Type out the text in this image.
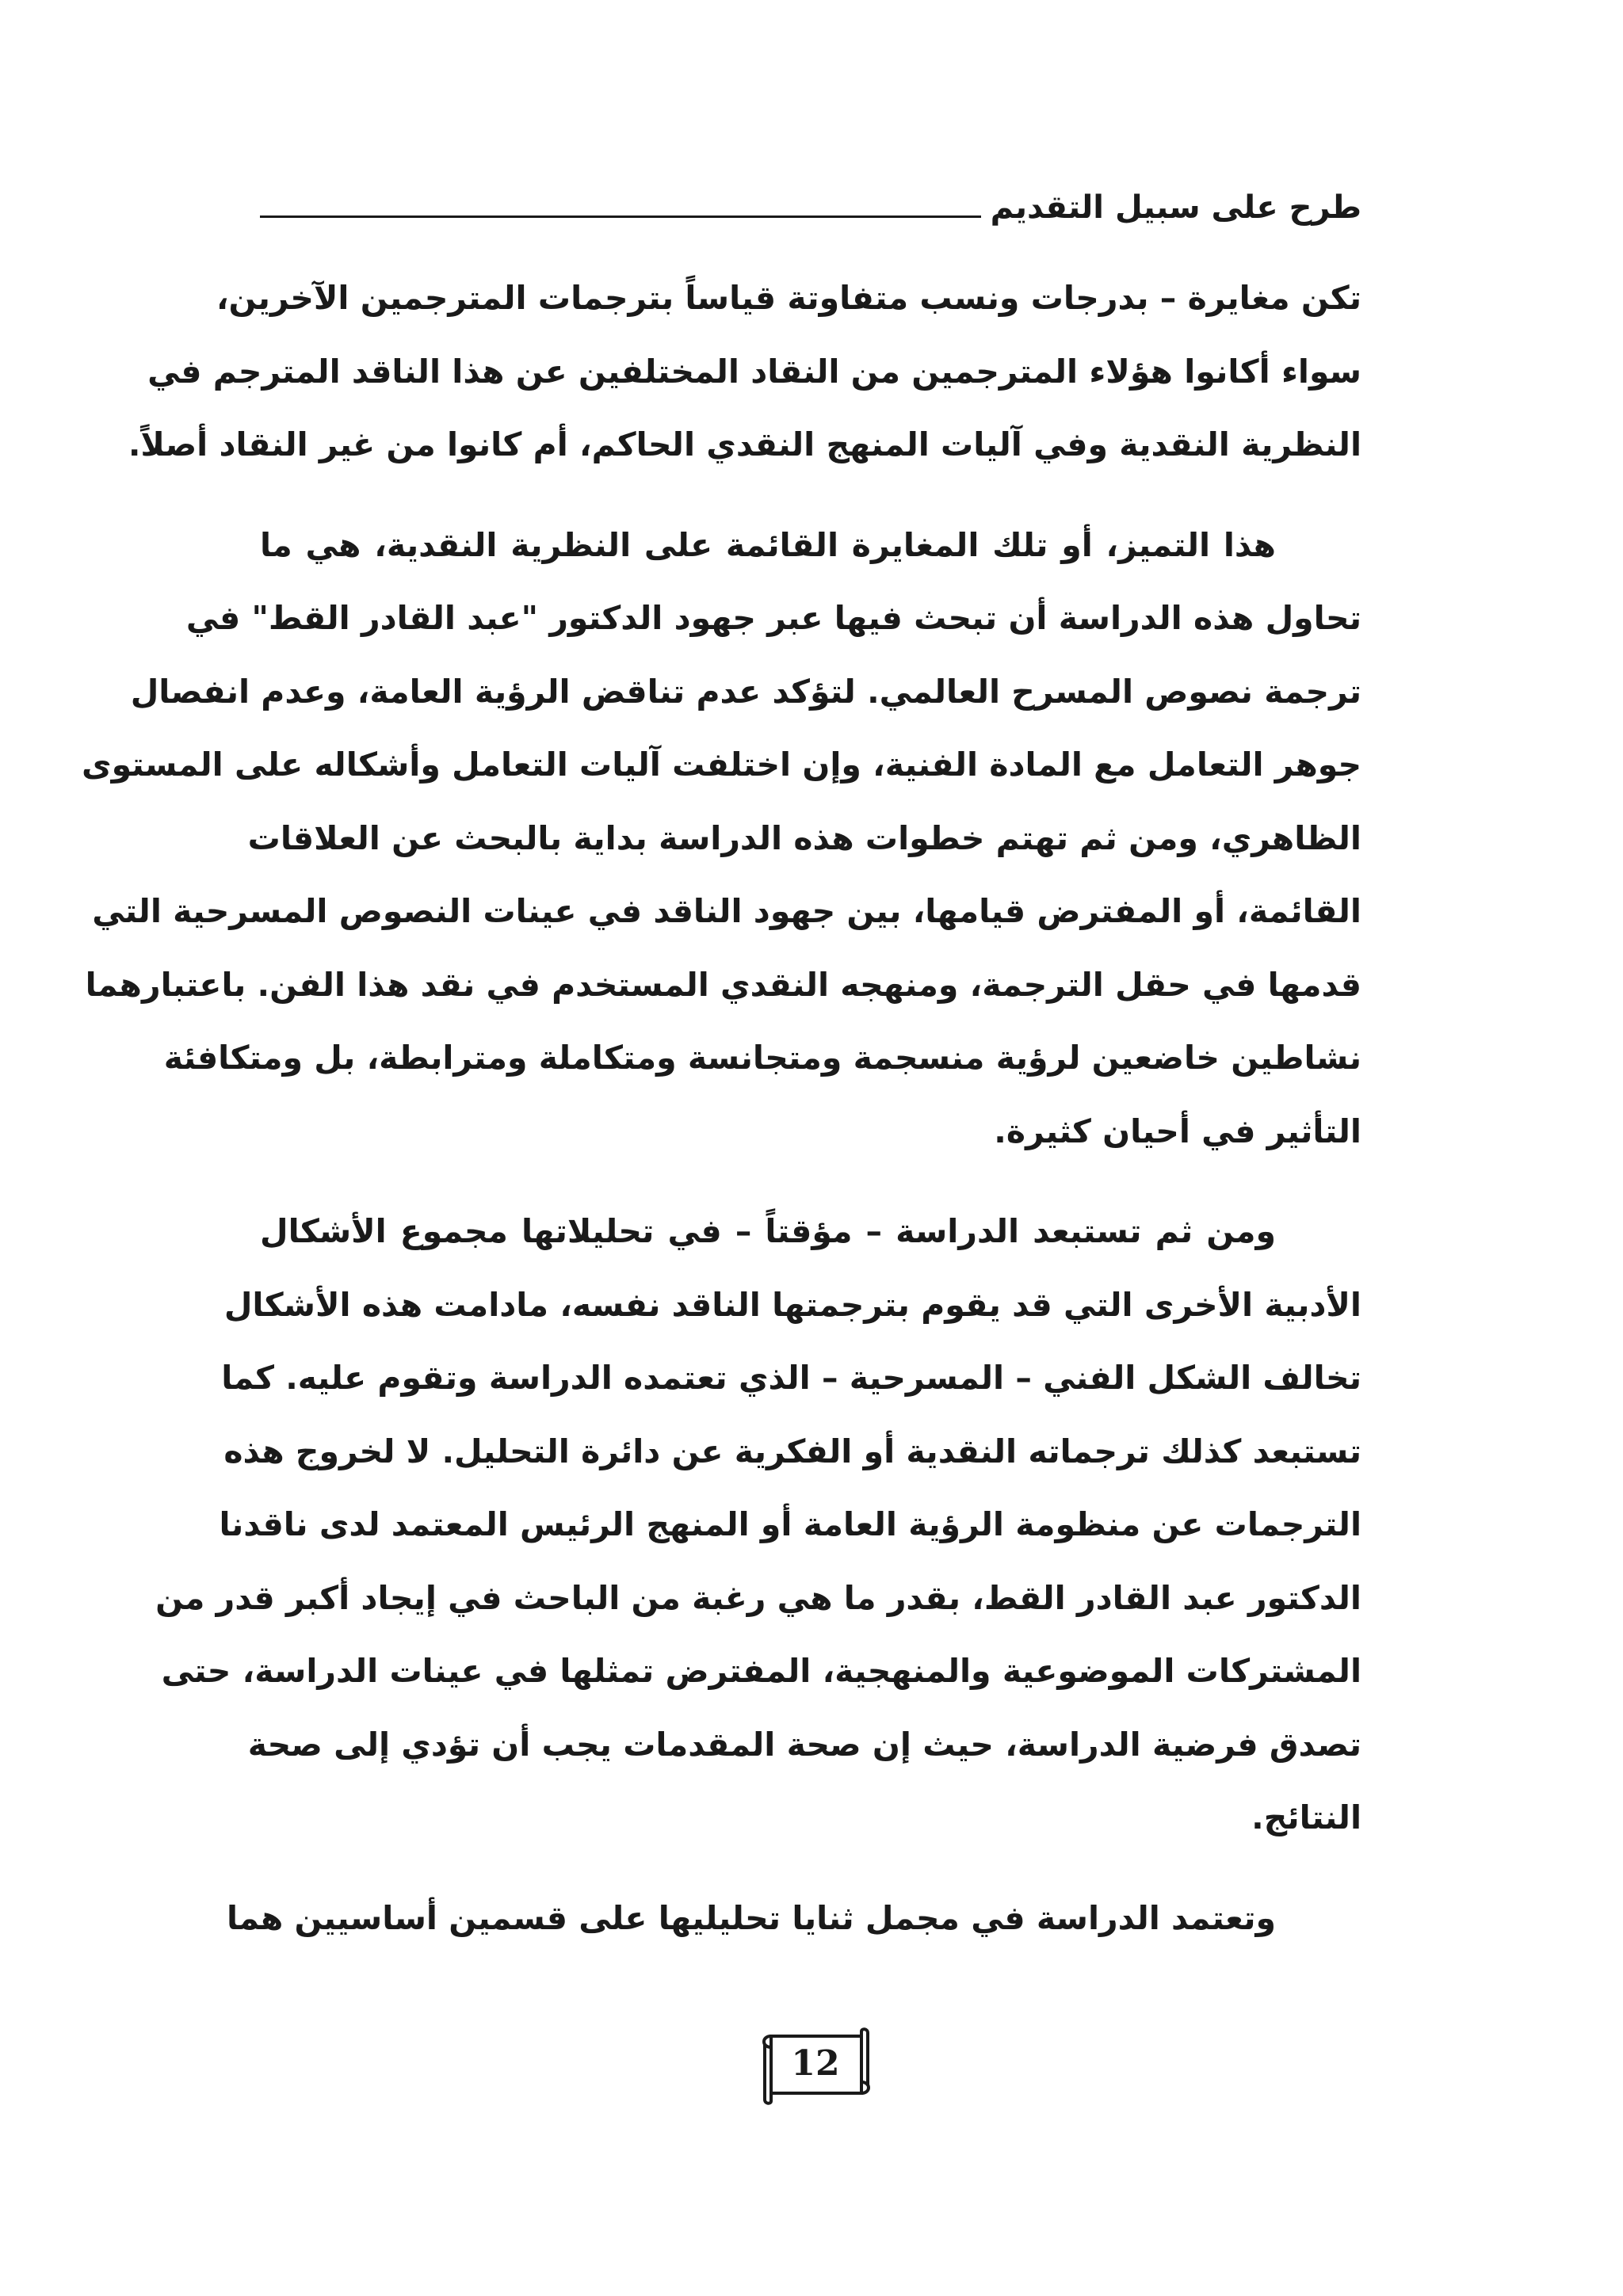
طرح على سبيل التقديم
تكن مغايرة – بدرجات ونسب متفاوتة قياساً بترجمات المترجمين الآخرين،
سواء أكانوا هؤلاء المترجمين من النقاد المختلفين عن هذا الناقد المترجم في
النظرية النقدية وفي آليات المنهج النقدي الحاكم، أم كانوا من غير النقاد أصلاً.
هذا التميز، أو تلك المغايرة القائمة على النظرية النقدية، هي ما
تحاول هذه الدراسة أن تبحث فيها عبر جهود الدكتور "عبد القادر القط" في
ترجمة نصوص المسرح العالمي. لتؤكد عدم تناقض الرؤية العامة، وعدم انفصال
جوهر التعامل مع المادة الفنية، وإن اختلفت آليات التعامل وأشكاله على المستوى
الظاهري، ومن ثم تهتم خطوات هذه الدراسة بداية بالبحث عن العلاقات
القائمة، أو المفترض قيامها، بين جهود الناقد في عينات النصوص المسرحية التي
قدمها في حقل الترجمة، ومنهجه النقدي المستخدم في نقد هذا الفن. باعتبارهما
نشاطين خاضعين لرؤية منسجمة ومتجانسة ومتكاملة ومترابطة، بل ومتكافئة
التأثير في أحيان كثيرة.
ومن ثم تستبعد الدراسة – مؤقتاً – في تحليلاتها مجموع الأشكال
الأدبية الأخرى التي قد يقوم بترجمتها الناقد نفسه، مادامت هذه الأشكال
تخالف الشكل الفني – المسرحية – الذي تعتمده الدراسة وتقوم عليه. كما
تستبعد كذلك ترجماته النقدية أو الفكرية عن دائرة التحليل. لا لخروج هذه
الترجمات عن منظومة الرؤية العامة أو المنهج الرئيس المعتمد لدى ناقدنا
الدكتور عبد القادر القط، بقدر ما هي رغبة من الباحث في إيجاد أكبر قدر من
المشتركات الموضوعية والمنهجية، المفترض تمثلها في عينات الدراسة، حتى
تصدق فرضية الدراسة، حيث إن صحة المقدمات يجب أن تؤدي إلى صحة
النتائج.
وتعتمد الدراسة في مجمل ثنايا تحليليها على قسمين أساسيين هما
12
